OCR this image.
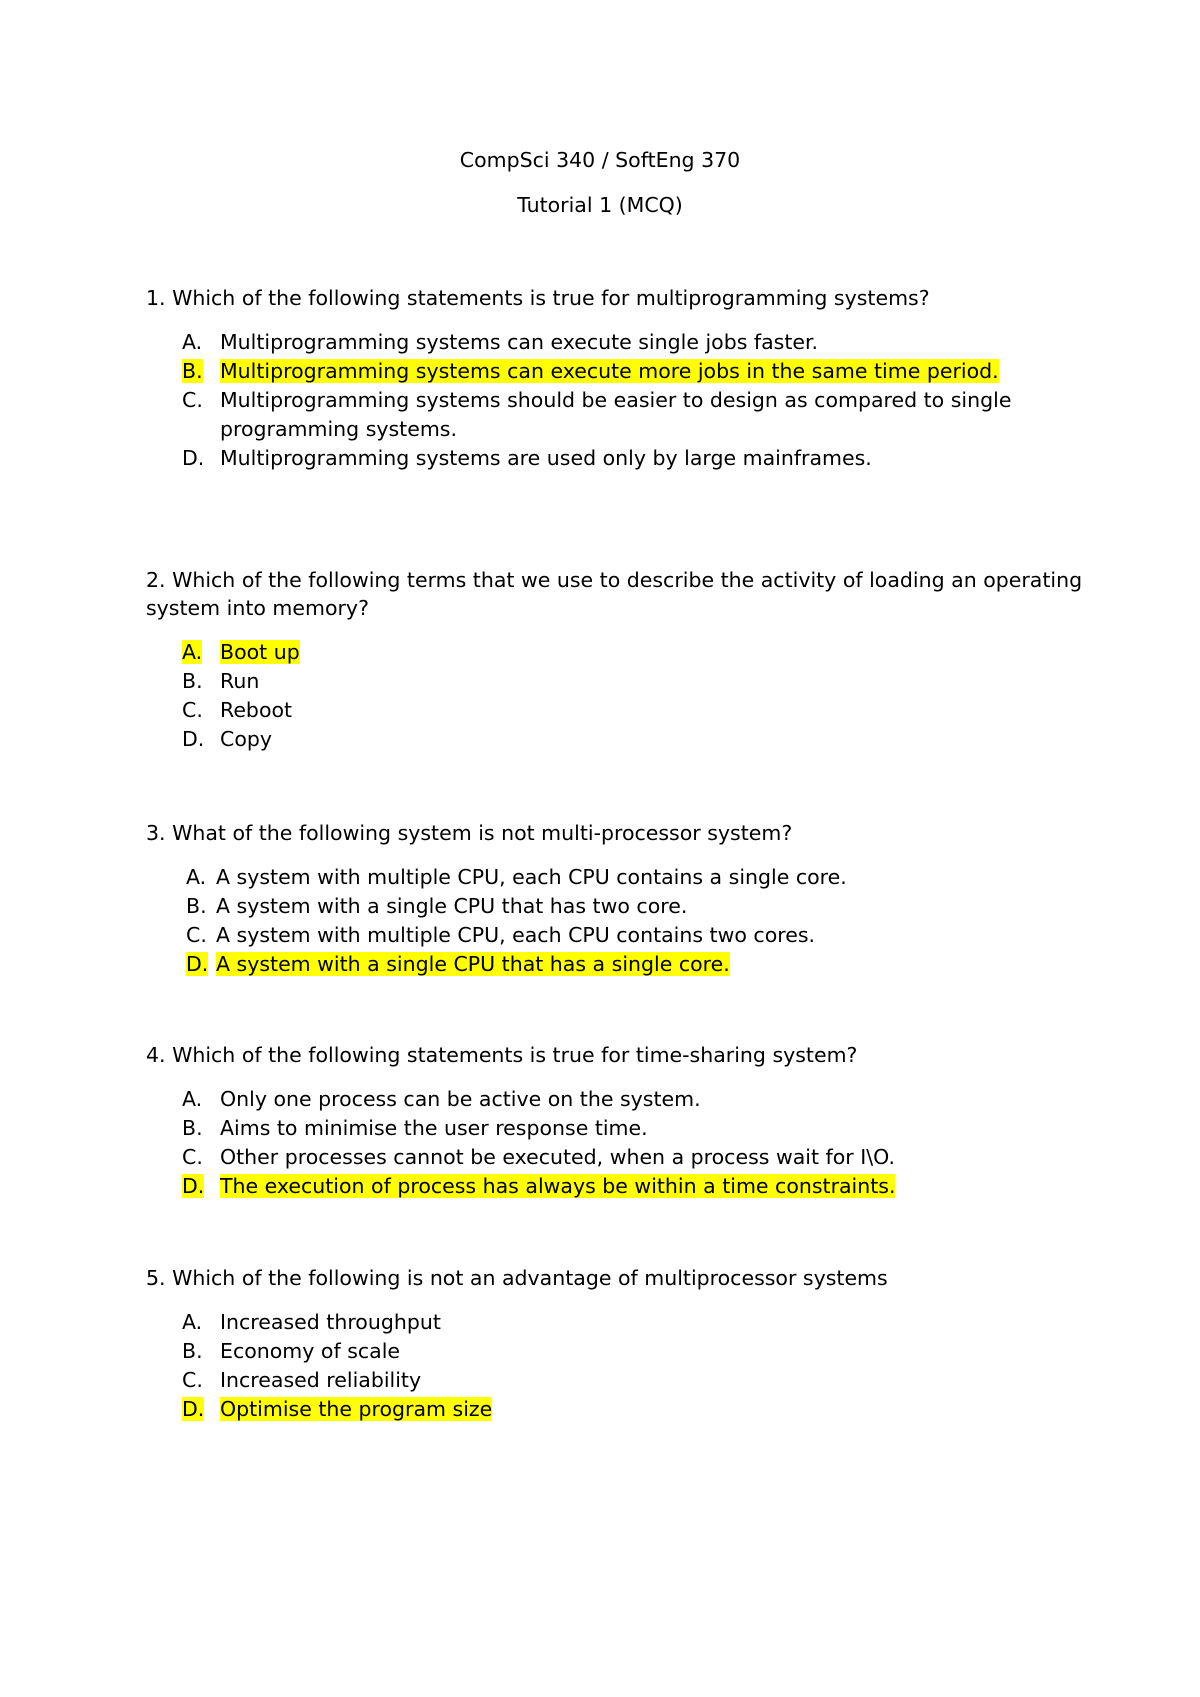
CompSci 340 / SoftEng 370
Tutorial 1 (MCQ)

1. Which of the following statements is true for multiprogramming systems?

A. Multiprogramming systems can execute single jobs faster.
B. Multiprogramming systems can execute more jobs in the same time period.
C. Multiprogramming systems should be easier to design as compared to single programming systems.
D. Multiprogramming systems are used only by large mainframes.

2. Which of the following terms that we use to describe the activity of loading an operating system into memory?

A. Boot up
B. Run
C. Reboot
D. Copy

3. What of the following system is not multi-processor system?

A. A system with multiple CPU, each CPU contains a single core.
B. A system with a single CPU that has two core.
C. A system with multiple CPU, each CPU contains two cores.
D. A system with a single CPU that has a single core.

4. Which of the following statements is true for time-sharing system?

A. Only one process can be active on the system.
B. Aims to minimise the user response time.
C. Other processes cannot be executed, when a process wait for I\O.
D. The execution of process has always be within a time constraints.

5. Which of the following is not an advantage of multiprocessor systems

A. Increased throughput
B. Economy of scale
C. Increased reliability
D. Optimise the program size
